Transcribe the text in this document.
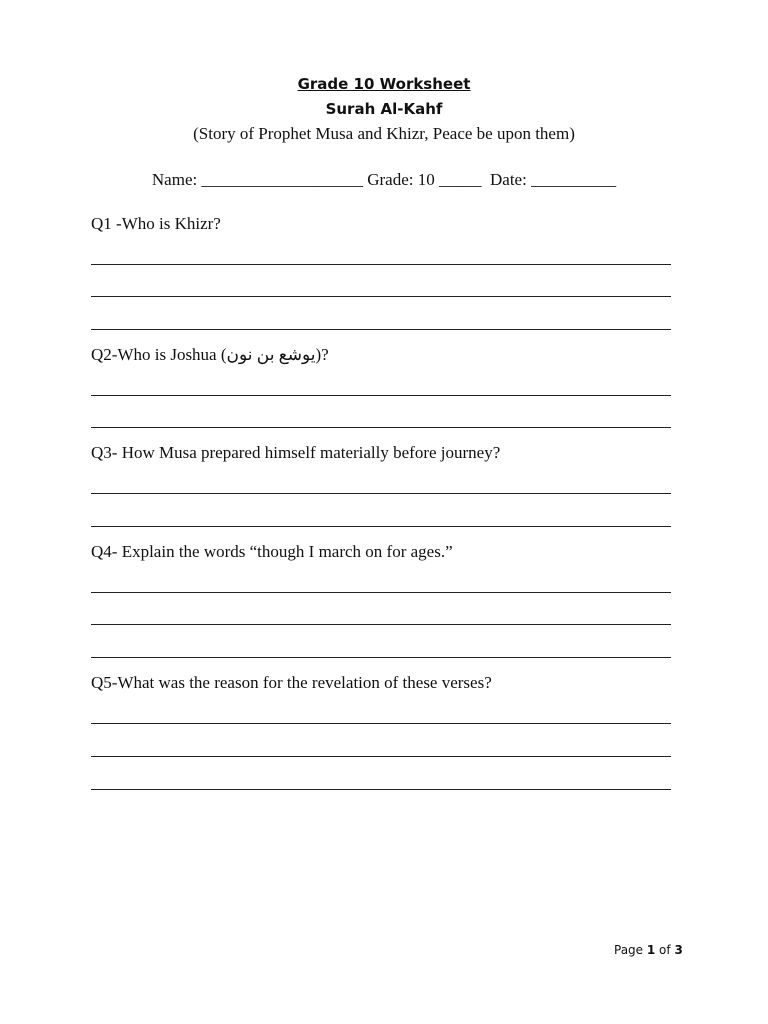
Grade 10 Worksheet
Surah Al-Kahf
(Story of Prophet Musa and Khizr, Peace be upon them)
Name: ___________________ Grade: 10 _____  Date: __________
Q1 -Who is Khizr?
Q2-Who is Joshua (يوشع بن نون)?
Q3- How Musa prepared himself materially before journey?
Q4- Explain the words “though I march on for ages.”
Q5-What was the reason for the revelation of these verses?
Page 1 of 3
